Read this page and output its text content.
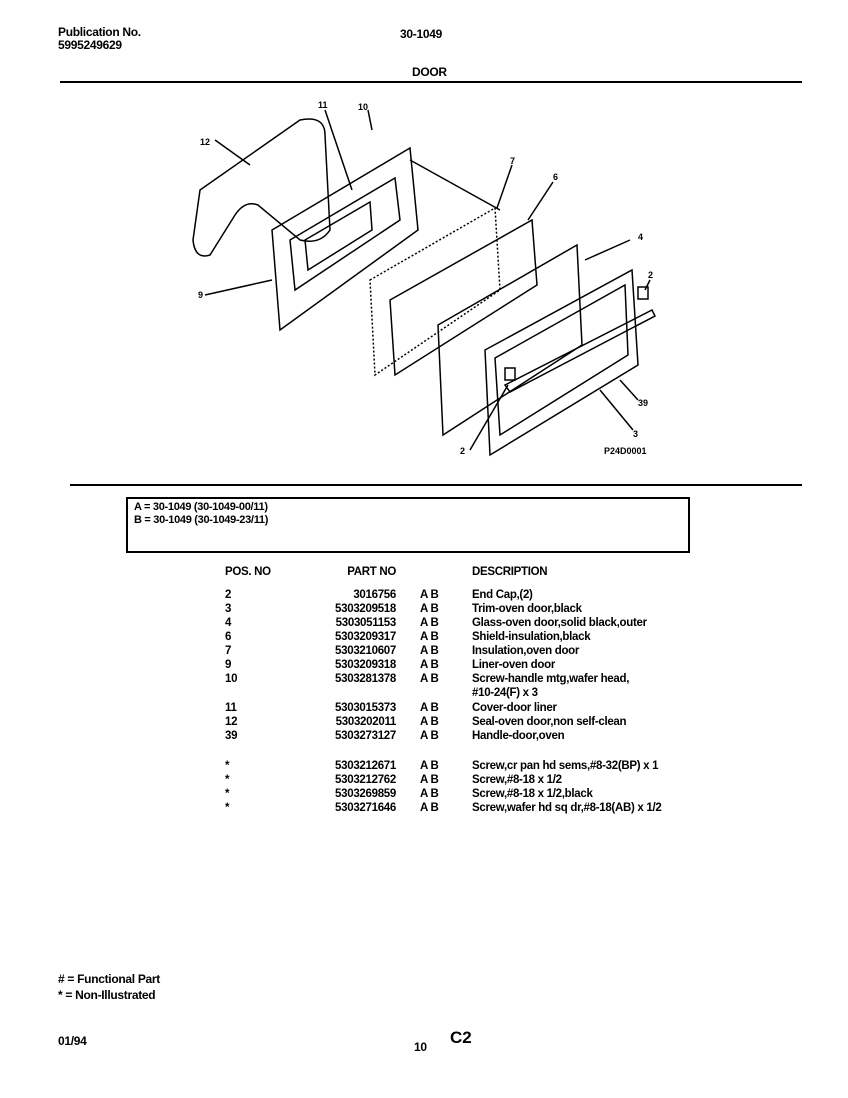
Publication No.
5995249629
30-1049
DOOR
12
11	10
7
6
4
2
9
39
3
2	P24D0001
A = 30-1049 (30-1049-00/11)
B = 30-1049 (30-1049-23/11)
POS. NO	PART NO	DESCRIPTION
2	3016756 A B	End Cap,(2)
3	5303209518 A B	Trim-oven door,black
4	5303051153 A B	Glass-oven door,solid black,outer
6	5303209317 A B	Shield-insulation,black
7	5303210607 A B	Insulation,oven door
9	5303209318 A B	Liner-oven door
10	5303281378 A B	Screw-handle mtg,wafer head,
#10-24(F) x 3
11	5303015373 A B	Cover-door liner
12	5303202011 A B	Seal-oven door,non self-clean
39	5303273127 A B	Handle-door,oven
*	5303212671 A B	Screw,cr pan hd sems,#8-32(BP) x 1
*	5303212762 A B	Screw,#8-18 x 1/2
*	5303269859 A B	Screw,#8-18 x 1/2,black
*	5303271646 A B	Screw,wafer hd sq dr,#8-18(AB) x 1/2
# = Functional Part
* = Non-Illustrated
01/94	10 C2
